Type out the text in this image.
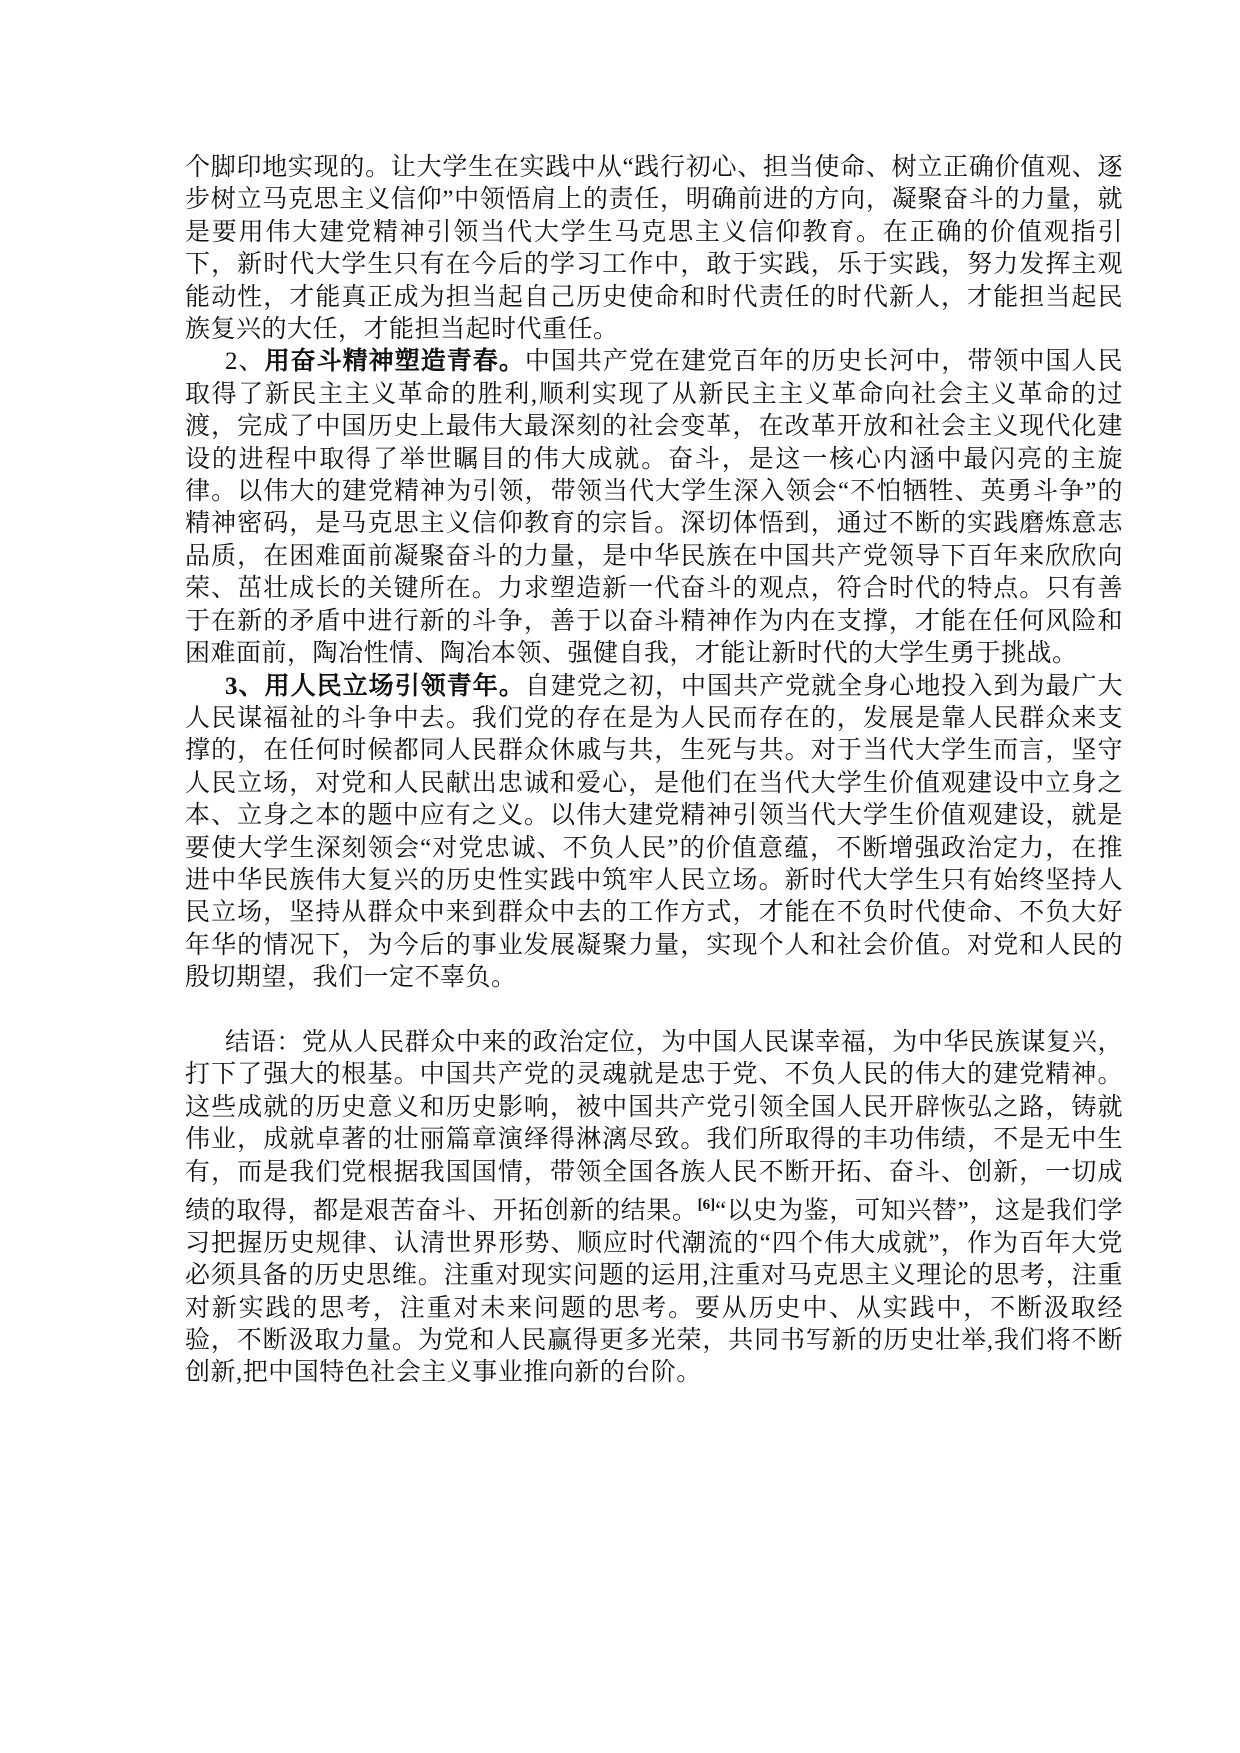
个脚印地实现的。让大学生在实践中从“践行初心、担当使命、树立正确价值观、逐步树立马克思主义信仰”中领悟肩上的责任，明确前进的方向，凝聚奋斗的力量，就是要用伟大建党精神引领当代大学生马克思主义信仰教育。在正确的价值观指引下，新时代大学生只有在今后的学习工作中，敢于实践，乐于实践，努力发挥主观能动性，才能真正成为担当起自己历史使命和时代责任的时代新人，才能担当起民族复兴的大任，才能担当起时代重任。
2、用奋斗精神塑造青春。中国共产党在建党百年的历史长河中，带领中国人民取得了新民主主义革命的胜利,顺利实现了从新民主主义革命向社会主义革命的过渡，完成了中国历史上最伟大最深刻的社会变革，在改革开放和社会主义现代化建设的进程中取得了举世瞩目的伟大成就。奋斗，是这一核心内涵中最闪亮的主旋律。以伟大的建党精神为引领，带领当代大学生深入领会“不怕牺牲、英勇斗争”的精神密码，是马克思主义信仰教育的宗旨。深切体悟到，通过不断的实践磨炼意志品质，在困难面前凝聚奋斗的力量，是中华民族在中国共产党领导下百年来欣欣向荣、茁壮成长的关键所在。力求塑造新一代奋斗的观点，符合时代的特点。只有善于在新的矛盾中进行新的斗争，善于以奋斗精神作为内在支撑，才能在任何风险和困难面前，陶冶性情、陶冶本领、强健自我，才能让新时代的大学生勇于挑战。
3、用人民立场引领青年。自建党之初，中国共产党就全身心地投入到为最广大人民谋福祉的斗争中去。我们党的存在是为人民而存在的，发展是靠人民群众来支撑的，在任何时候都同人民群众休戚与共，生死与共。对于当代大学生而言，坚守人民立场，对党和人民献出忠诚和爱心，是他们在当代大学生价值观建设中立身之本、立身之本的题中应有之义。以伟大建党精神引领当代大学生价值观建设，就是要使大学生深刻领会“对党忠诚、不负人民”的价值意蕴，不断增强政治定力，在推进中华民族伟大复兴的历史性实践中筑牢人民立场。新时代大学生只有始终坚持人民立场，坚持从群众中来到群众中去的工作方式，才能在不负时代使命、不负大好年华的情况下，为今后的事业发展凝聚力量，实现个人和社会价值。对党和人民的殷切期望，我们一定不辜负。
结语：党从人民群众中来的政治定位，为中国人民谋幸福，为中华民族谋复兴，打下了强大的根基。中国共产党的灵魂就是忠于党、不负人民的伟大的建党精神。这些成就的历史意义和历史影响，被中国共产党引领全国人民开辟恢弘之路，铸就伟业，成就卓著的壮丽篇章演绎得淋漓尽致。我们所取得的丰功伟绩，不是无中生有，而是我们党根据我国国情，带领全国各族人民不断开拓、奋斗、创新，一切成绩的取得，都是艰苦奋斗、开拓创新的结果。[6]“以史为鉴，可知兴替”，这是我们学习把握历史规律、认清世界形势、顺应时代潮流的“四个伟大成就”，作为百年大党必须具备的历史思维。注重对现实问题的运用,注重对马克思主义理论的思考，注重对新实践的思考，注重对未来问题的思考。要从历史中、从实践中，不断汲取经验，不断汲取力量。为党和人民赢得更多光荣，共同书写新的历史壮举,我们将不断创新,把中国特色社会主义事业推向新的台阶。
